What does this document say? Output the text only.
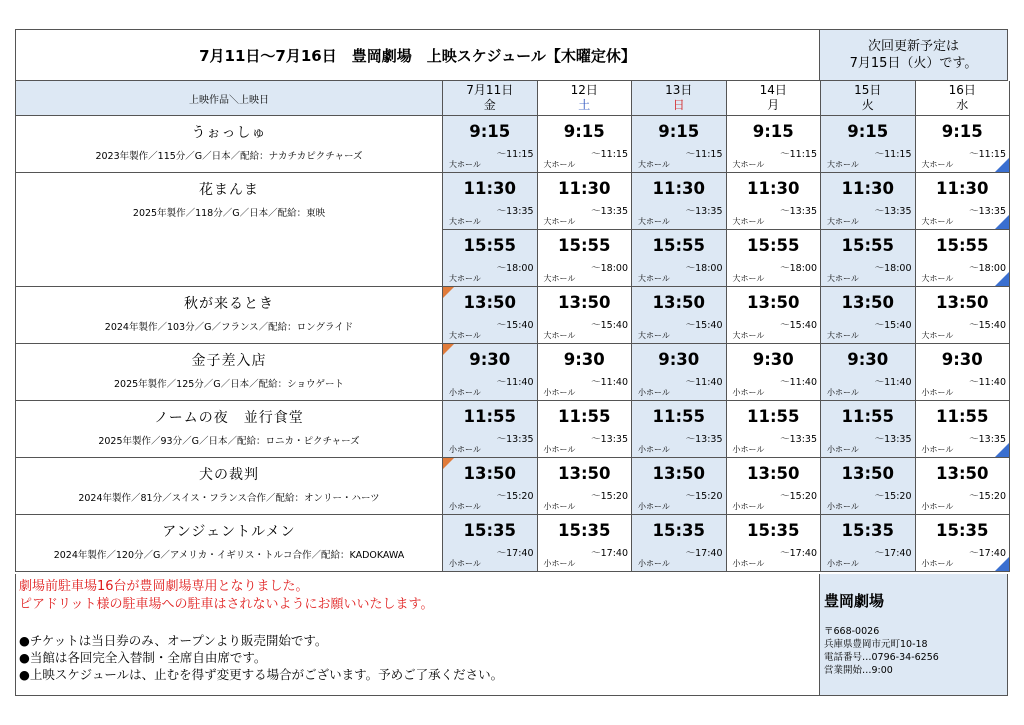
7月11日〜7月16日　豊岡劇場　上映スケジュール【木曜定休】	次回更新予定は
7月15日（火）です。
上映作品＼上映日
7月11日
金
12日
土
13日
日
14日
月
15日
火
16日
水
うぉっしゅ
2023年製作／115分／G／日本／配給：ナカチカピクチャーズ
9:15
〜11:15
大ホール
9:15
〜11:15
大ホール
9:15
〜11:15
大ホール
9:15
〜11:15
大ホール
9:15
〜11:15
大ホール
9:15
〜11:15
大ホール
花まんま
2025年製作／118分／G／日本／配給：東映
11:30
〜13:35
大ホール
11:30
〜13:35
大ホール
11:30
〜13:35
大ホール
11:30
〜13:35
大ホール
11:30
〜13:35
大ホール
11:30
〜13:35
大ホール
15:55
〜18:00
大ホール
15:55
〜18:00
大ホール
15:55
〜18:00
大ホール
15:55
〜18:00
大ホール
15:55
〜18:00
大ホール
15:55
〜18:00
大ホール
秋が来るとき
2024年製作／103分／G／フランス／配給：ロングライド
13:50
〜15:40
大ホール
13:50
〜15:40
大ホール
13:50
〜15:40
大ホール
13:50
〜15:40
大ホール
13:50
〜15:40
大ホール
13:50
〜15:40
大ホール
金子差入店
2025年製作／125分／G／日本／配給：ショウゲート
9:30
〜11:40
小ホール
9:30
〜11:40
小ホール
9:30
〜11:40
小ホール
9:30
〜11:40
小ホール
9:30
〜11:40
小ホール
9:30
〜11:40
小ホール
ノームの夜　並行食堂
2025年製作／93分／G／日本／配給：ロニカ・ピクチャーズ
11:55
〜13:35
小ホール
11:55
〜13:35
小ホール
11:55
〜13:35
小ホール
11:55
〜13:35
小ホール
11:55
〜13:35
小ホール
11:55
〜13:35
小ホール
犬の裁判
2024年製作／81分／スイス・フランス合作／配給：オンリー・ハーツ
13:50
〜15:20
小ホール
13:50
〜15:20
小ホール
13:50
〜15:20
小ホール
13:50
〜15:20
小ホール
13:50
〜15:20
小ホール
13:50
〜15:20
小ホール
アンジェントルメン
2024年製作／120分／G／アメリカ・イギリス・トルコ合作／配給：KADOKAWA
15:35
〜17:40
小ホール
15:35
〜17:40
小ホール
15:35
〜17:40
小ホール
15:35
〜17:40
小ホール
15:35
〜17:40
小ホール
15:35
〜17:40
小ホール
劇場前駐車場16台が豊岡劇場専用となりました。
ピアドリット様の駐車場への駐車はされないようにお願いいたします。
●チケットは当日券のみ、オープンより販売開始です。
●当館は各回完全入替制・全席自由席です。
●上映スケジュールは、止むを得ず変更する場合がございます。予めご了承ください。
豊岡劇場
〒668-0026
兵庫県豊岡市元町10-18
電話番号…0796-34-6256
営業開始…9:00
